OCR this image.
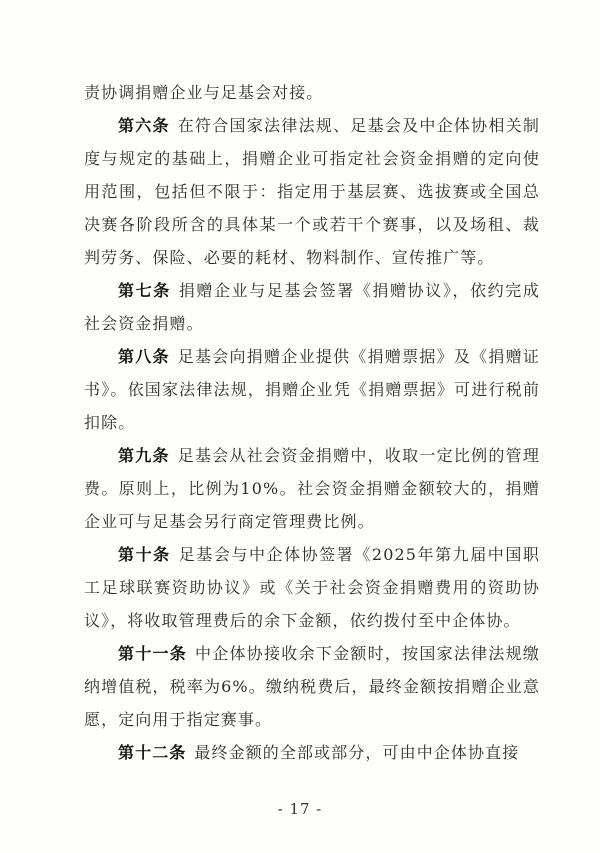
责协调捐赠企业与足基会对接。

第六条 在符合国家法律法规、足基会及中企体协相关制度与规定的基础上，捐赠企业可指定社会资金捐赠的定向使用范围，包括但不限于：指定用于基层赛、选拔赛或全国总决赛各阶段所含的具体某一个或若干个赛事，以及场租、裁判劳务、保险、必要的耗材、物料制作、宣传推广等。

第七条 捐赠企业与足基会签署《捐赠协议》，依约完成社会资金捐赠。

第八条 足基会向捐赠企业提供《捐赠票据》及《捐赠证书》。依国家法律法规，捐赠企业凭《捐赠票据》可进行税前扣除。

第九条 足基会从社会资金捐赠中，收取一定比例的管理费。原则上，比例为10%。社会资金捐赠金额较大的，捐赠企业可与足基会另行商定管理费比例。

第十条 足基会与中企体协签署《2025年第九届中国职工足球联赛资助协议》或《关于社会资金捐赠费用的资助协议》，将收取管理费后的余下金额，依约拨付至中企体协。

第十一条 中企体协接收余下金额时，按国家法律法规缴纳增值税，税率为6%。缴纳税费后，最终金额按捐赠企业意愿，定向用于指定赛事。

第十二条 最终金额的全部或部分，可由中企体协直接

- 17 -
